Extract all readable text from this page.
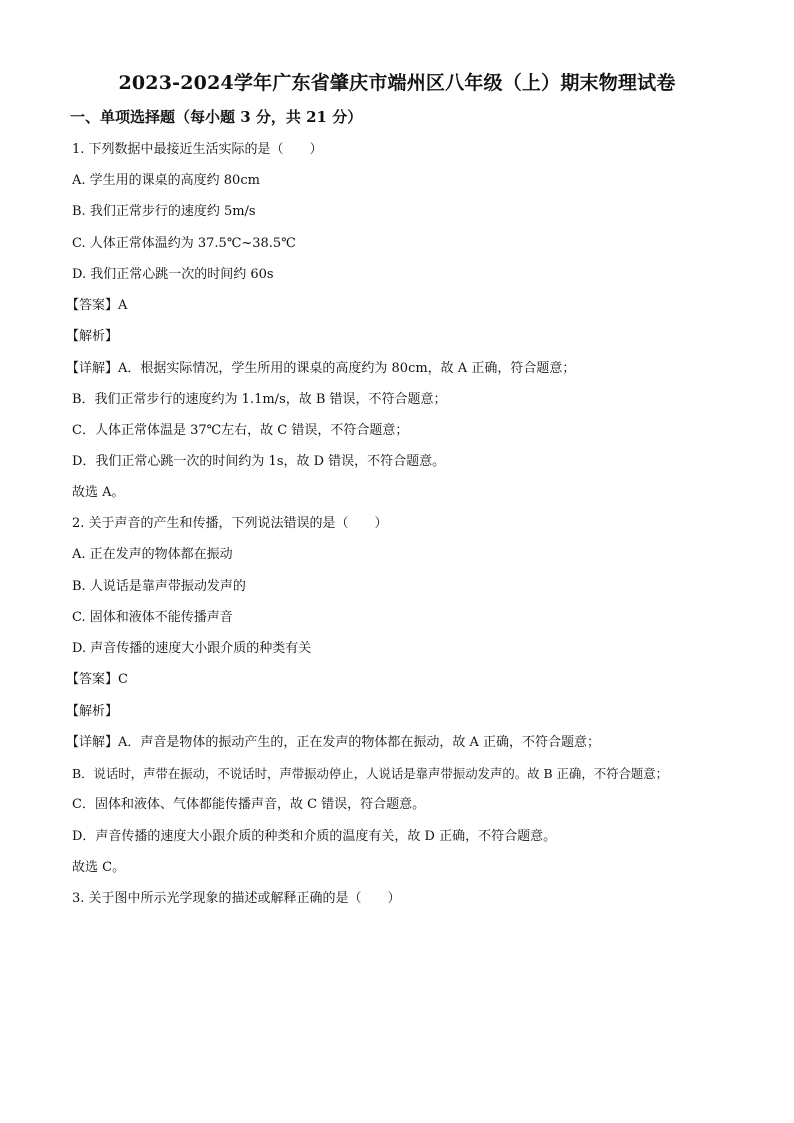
2023-2024学年广东省肇庆市端州区八年级（上）期末物理试卷
一、单项选择题（每小题 3 分，共 21 分）
1. 下列数据中最接近生活实际的是（　　）
A. 学生用的课桌的高度约 80cm
B. 我们正常步行的速度约 5m/s
C. 人体正常体温约为 37.5℃~38.5℃
D. 我们正常心跳一次的时间约 60s
【答案】A
【解析】
【详解】A．根据实际情况，学生所用的课桌的高度约为 80cm，故 A 正确，符合题意；
B．我们正常步行的速度约为 1.1m/s，故 B 错误，不符合题意；
C．人体正常体温是 37℃左右，故 C 错误，不符合题意；
D．我们正常心跳一次的时间约为 1s，故 D 错误，不符合题意。
故选 A。
2. 关于声音的产生和传播，下列说法错误的是（　　）
A. 正在发声的物体都在振动
B. 人说话是靠声带振动发声的
C. 固体和液体不能传播声音
D. 声音传播的速度大小跟介质的种类有关
【答案】C
【解析】
【详解】A．声音是物体的振动产生的，正在发声的物体都在振动，故 A 正确，不符合题意；
B．说话时，声带在振动，不说话时，声带振动停止，人说话是靠声带振动发声的。故 B 正确，不符合题意；
C．固体和液体、气体都能传播声音，故 C 错误，符合题意。
D．声音传播的速度大小跟介质的种类和介质的温度有关，故 D 正确，不符合题意。
故选 C。
3. 关于图中所示光学现象的描述或解释正确的是（　　）
